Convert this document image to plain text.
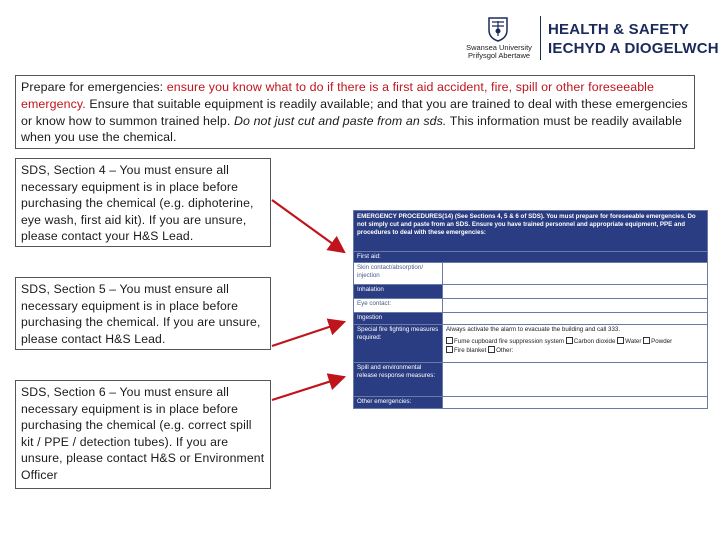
Swansea University
Prifysgol Abertawe
HEALTH & SAFETY
IECHYD A DIOGELWCH
Prepare for emergencies: ensure you know what to do if there is a first aid accident, fire, spill or other foreseeable emergency. Ensure that suitable equipment is readily available; and that you are trained to deal with these emergencies or know how to summon trained help. Do not just cut and paste from an sds. This information must be readily available when you use the chemical.
SDS, Section 4 – You must ensure all necessary equipment is in place before purchasing the chemical (e.g. diphoterine, eye wash, first aid kit). If you are unsure, please contact your H&S Lead.
SDS, Section 5 – You must ensure all necessary equipment is in place before purchasing the chemical. If you are unsure, please contact H&S Lead.
SDS, Section 6 – You must ensure all necessary equipment is in place before purchasing the chemical (e.g. correct spill kit / PPE / detection tubes). If you are unsure, please contact H&S or Environment Officer
EMERGENCY PROCEDURES(14) (See Sections 4, 5 & 6 of SDS). You must prepare for foreseeable emergencies. Do not simply cut and paste from an SDS. Ensure you have trained personnel and appropriate equipment, PPE and procedures to deal with these emergencies:	
First aid:	
Skin contact/absorption/ injection	
Inhalation	
Eye contact:	
Ingestion	
Special fire fighting measures required:	Always activate the alarm to evacuate the building and call 333.
Fume cupboard fire suppression system Carbon dioxide Water Powder
Fire blanket Other:

Spill and environmental release response measures:	
Other emergencies:	
